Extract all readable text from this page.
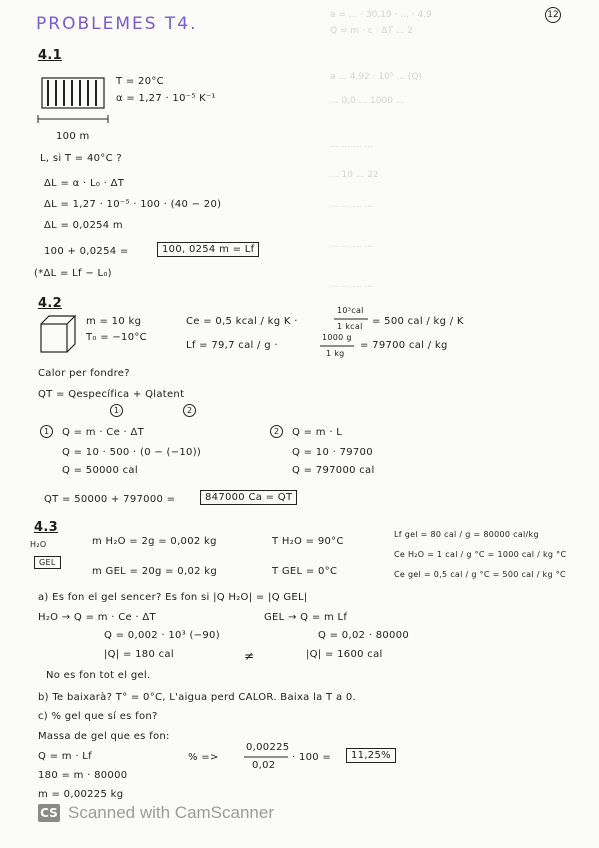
a = ... · 30,19 · ... · 4,9
Q = m · c · ΔT ... 2
a ... 4,92 · 10⁵ ... (Q)
... 0,0 ... 1000 ...
... ... ... ...
... 10 ... 22
... ... ... ...
... ... ... ...
... ... ... ...
PROBLEMES T4.	12
4.1
T = 20°C
α = 1,27 · 10⁻⁵ K⁻¹
100 m
L, si T = 40°C ?
ΔL = α · L₀ · ΔT
ΔL = 1,27 · 10⁻⁵ · 100 · (40 − 20)
ΔL = 0,0254 m
100 + 0,0254 =	100, 0254 m = Lf
(*ΔL = Lf − L₀)
4.2
m = 10 kg
T₀ = −10°C
Ce = 0,5 kcal / kg K ·
10³cal
1 kcal = 500 cal / kg / K
Lf = 79,7 cal / g ·
1000 g
1 kg
= 79700 cal / kg
Calor per fondre?
QT = Qespecífica + Qlatent
1	2
1	Q = m · Ce · ΔT
Q = 10 · 500 · (0 − (−10))
Q = 50000 cal
2	Q = m · L
Q = 10 · 79700
Q = 797000 cal
QT = 50000 + 797000 =	847000 Ca = QT
4.3
H₂O
GEL
m H₂O = 2g = 0,002 kg	T H₂O = 90°C
m GEL = 20g = 0,02 kg	T GEL = 0°C
Lf gel = 80 cal / g = 80000 cal/kg
Ce H₂O = 1 cal / g °C = 1000 cal / kg °C
Ce gel = 0,5 cal / g °C = 500 cal / kg °C
a) Es fon el gel sencer? Es fon si |Q H₂O| = |Q GEL|
H₂O → Q = m · Ce · ΔT	GEL → Q = m Lf
Q = 0,002 · 10³ (−90)	Q = 0,02 · 80000
|Q| = 180 cal	≠	|Q| = 1600 cal
No es fon tot el gel.
b) Te baixarà? T° = 0°C, L'aigua perd CALOR. Baixa la T a 0.
c) % gel que sí es fon?
Massa de gel que es fon:
Q = m · Lf
180 = m · 80000
m = 0,00225 kg
% =>
0,00225
0,02
· 100 =	11,25%
CS Scanned with CamScanner
